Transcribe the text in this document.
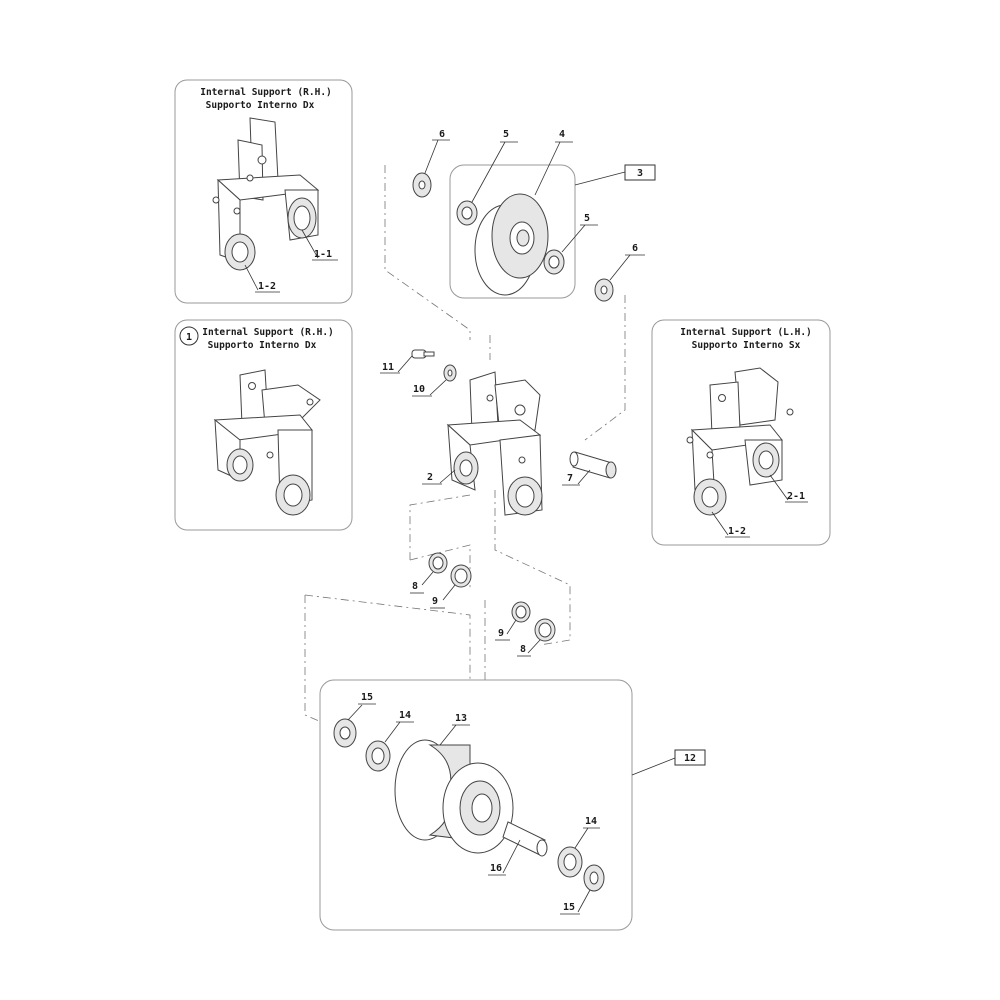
Internal Support (R.H.)
Supporto Interno Dx
1-1
1-2
1 Internal Support (R.H.)
Supporto Interno Dx
Internal Support (L.H.)
Supporto Interno Sx
2-1
1-2
6	5	4
5
6
3
11
10
2	7
8
9
9
8
15
14	13
16
14
15
12
